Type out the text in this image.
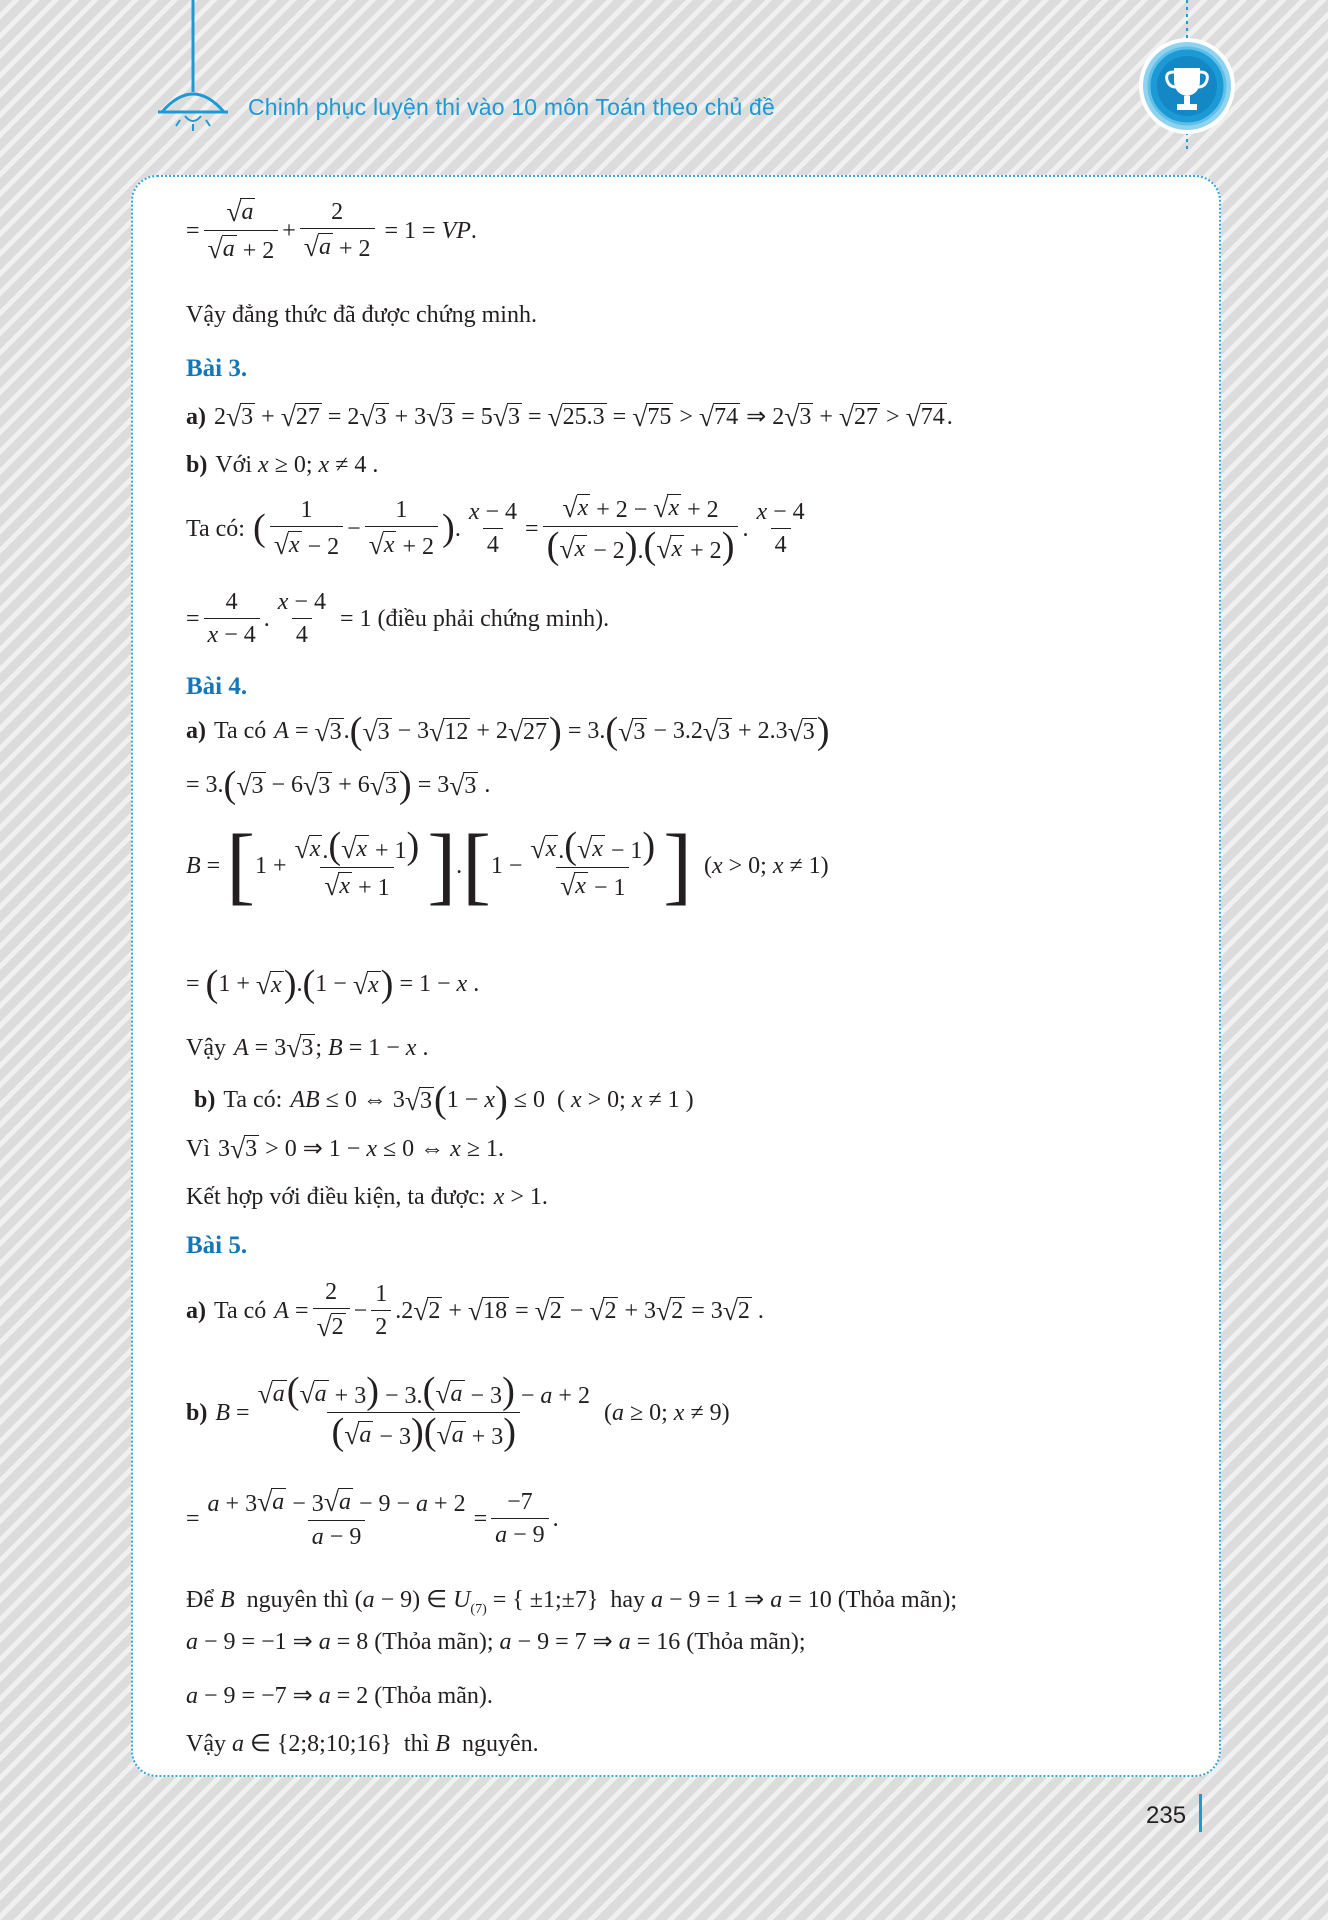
Chinh phục luyện thi vào 10 môn Toán theo chủ đề
= $\frac{√ a}{√ a + 2} + \frac{2}{√ a + 2} = 1$ = VP.
Vậy đẳng thức đã được chứng minh.
Bài 3.
a) 2 √ 3 + √ 27 = 2 √ 3 + 3 √ 3 = 5 √ 3 = √ 25.3 = √ 75 > √ 74 ⇒ 2 √ 3 + √ 27 > √ 74 .
b) Với x ≥ 0; x ≠ 4 .
Ta có: ( $\frac{1}{√ x - 2} - \frac{1}{√ x + 2}$ ) . $\frac{x - 4}{4} = \frac{√ x + 2 - √ x + 2}{( √ x - 2).( √ x + 2)}$ . $\frac{x - 4}{4}$
= $\frac{4}{x - 4}$ . $\frac{x - 4}{4} = 1$ (điều phải chứng minh).
Bài 4.
a) Ta có A = √ 3 . ( √ 3 − 3 √ 12 + 2 √ 27 ) = 3. ( √ 3 − 3.2 √ 3 + 2.3 √ 3 )
= 3. ( √ 3 − 6 √ 3 + 6 √ 3 ) = 3 √ 3 .
B = [ $1 + \frac{√ x .( √ x + 1)}{√ x + 1}$ ] . [ $1 - \frac{√ x .( √ x - 1)}{√ x - 1}$ ] (x > 0; x ≠ 1)
= ( 1 + √ x ) . ( 1 − √ x ) = 1 − x .
Vậy A = 3 √ 3 ; B = 1 − x .
b) Ta có: AB ≤ 0 ⇔ 3 √ 3 ( 1 − x ) ≤ 0  ( x > 0; x ≠ 1 )
Vì 3 √ 3 > 0 ⇒ 1 − x ≤ 0 ⇔ x ≥ 1.
Kết hợp với điều kiện, ta được: x > 1.
Bài 5.
a) Ta có $A = \frac{2}{√ 2} - \frac{1}{2} .2$ √ 2 + √ 18 = √ 2 − √ 2 + 3 √ 2 = 3 √ 2 .
b) $B = \frac{√ a ( √ a + 3) - 3.( √ a - 3) - a + 2}{( √ a - 3)( √ a + 3)} (a \ge 0$; x ≠ 9)
= $\frac{a + 3 √ a - 3 √ a - 9 - a + 2}{a - 9} = \frac{-7}{a - 9}$ .
Để B  nguyên thì (a − 9) ∈ $U_{(7)}$ = { ±1;±7}  hay a − 9 = 1 ⇒ a = 10 (Thỏa mãn);
a − 9 = −1 ⇒ a = 8 (Thỏa mãn); a − 9 = 7 ⇒ a = 16 (Thỏa mãn);
a − 9 = −7 ⇒ a = 2 (Thỏa mãn).
Vậy a ∈ {2;8;10;16}  thì B  nguyên.
235
